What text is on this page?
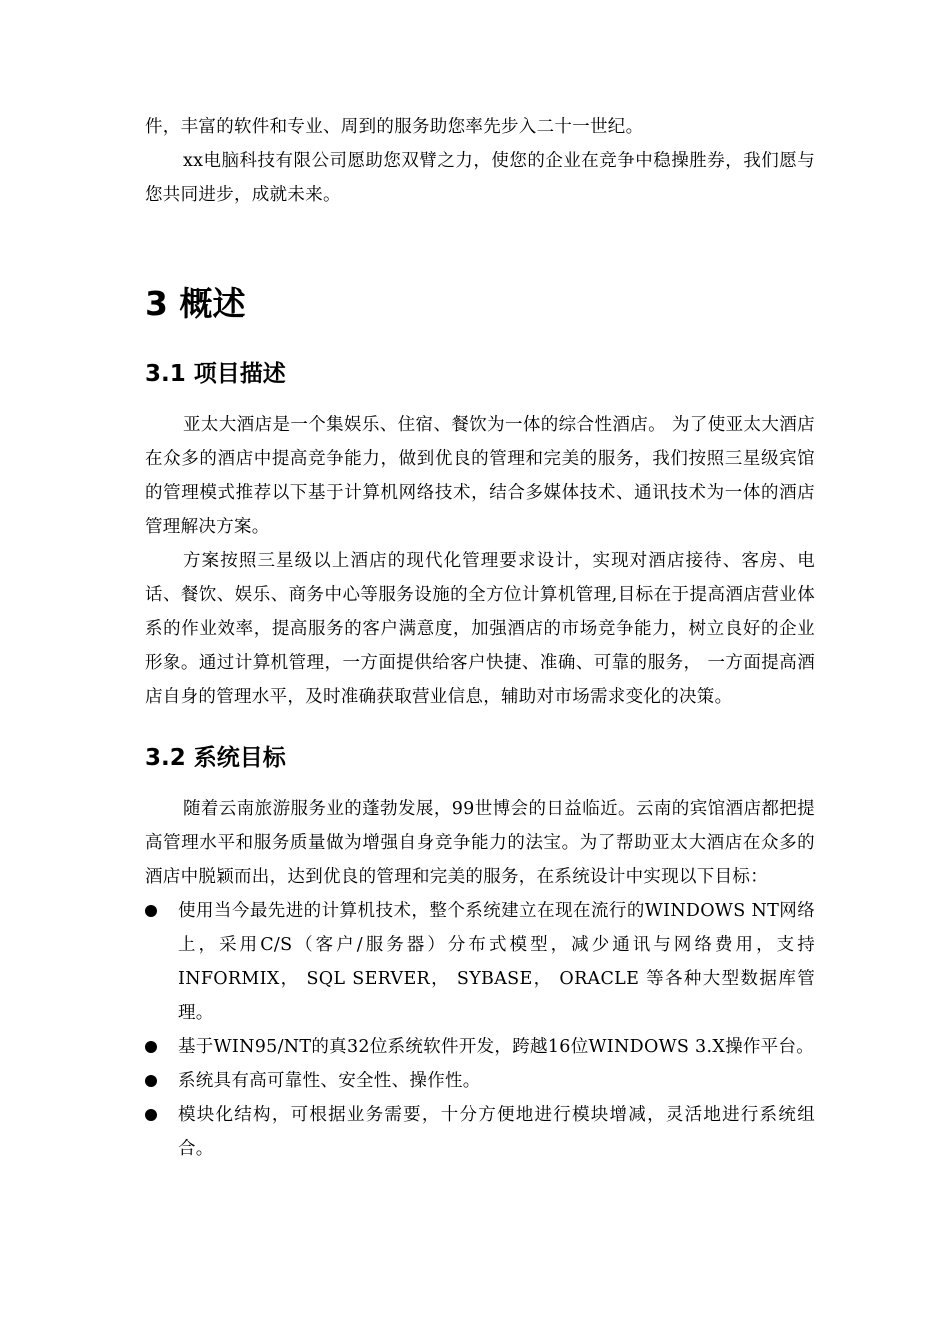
件，丰富的软件和专业、周到的服务助您率先步入二十一世纪。

xx电脑科技有限公司愿助您双臂之力，使您的企业在竞争中稳操胜券，我们愿与您共同进步，成就未来。

3 概述
3.1 项目描述

亚太大酒店是一个集娱乐、住宿、餐饮为一体的综合性酒店。 为了使亚太大酒店在众多的酒店中提高竞争能力，做到优良的管理和完美的服务，我们按照三星级宾馆的管理模式推荐以下基于计算机网络技术，结合多媒体技术、通讯技术为一体的酒店管理解决方案。

方案按照三星级以上酒店的现代化管理要求设计，实现对酒店接待、客房、电话、餐饮、娱乐、商务中心等服务设施的全方位计算机管理,目标在于提高酒店营业体系的作业效率，提高服务的客户满意度，加强酒店的市场竞争能力，树立良好的企业形象。通过计算机管理，一方面提供给客户快捷、准确、可靠的服务， 一方面提高酒店自身的管理水平，及时准确获取营业信息，辅助对市场需求变化的决策。

3.2 系统目标

随着云南旅游服务业的蓬勃发展，99世博会的日益临近。云南的宾馆酒店都把提高管理水平和服务质量做为增强自身竞争能力的法宝。为了帮助亚太大酒店在众多的酒店中脱颖而出，达到优良的管理和完美的服务，在系统设计中实现以下目标：

使用当今最先进的计算机技术，整个系统建立在现在流行的WINDOWS NT网络上，采用C/S（客户/服务器）分布式模型，减少通讯与网络费用，支持INFORMIX， SQL SERVER， SYBASE， ORACLE 等各种大型数据库管理。
基于WIN95/NT的真32位系统软件开发，跨越16位WINDOWS 3.X操作平台。
系统具有高可靠性、安全性、操作性。
模块化结构，可根据业务需要，十分方便地进行模块增减，灵活地进行系统组合。
